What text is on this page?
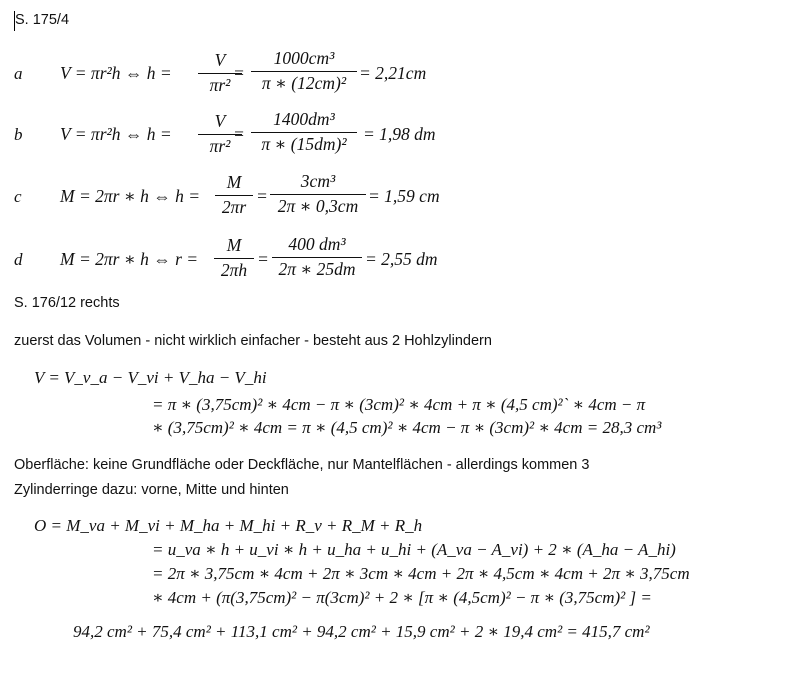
S. 175/4
a V = πr²h ⇔ $h = \frac{V}{\text{πr²}}$
= $\frac{\text{1000cm³}}{\text{π ∗ (12cm)²}} = 2,21cm$
b V = πr²h ⇔ $h = \frac{V}{\text{πr²}}$
= $\frac{\text{1400dm³}}{\text{π ∗ (15dm)²}} = 1,98$ dm
c M = 2πr ∗ h ⇔ $h = \frac{M}{2\pi r} = \frac{\text{3cm³}}{2\pi ∗ 0,3cm} = 1,59$ cm
d M = 2πr ∗ h ⇔ $r = \frac{M}{2\pi h} = \frac{\text{400 dm³}}{2\pi ∗ 25dm} = 2,55$ dm
S. 176/12 rechts
zuerst das Volumen - nicht wirklich einfacher - besteht aus 2 Hohlzylindern
V = V_v_a − V_vi + V_ha − V_hi
= π ∗ (3,75cm)² ∗ 4cm − π ∗ (3cm)² ∗ 4cm + π ∗ (4,5 cm)²` ∗ 4cm − π
∗ (3,75cm)² ∗ 4cm = π ∗ (4,5 cm)² ∗ 4cm − π ∗ (3cm)² ∗ 4cm = 28,3 cm³
Oberfläche: keine Grundfläche oder Deckfläche, nur Mantelflächen - allerdings kommen 3
Zylinderringe dazu: vorne, Mitte und hinten
O = M_va + M_vi + M_ha + M_hi + R_v + R_M + R_h
= u_va ∗ h + u_vi ∗ h + u_ha + u_hi + (A_va − A_vi) + 2 ∗ (A_ha − A_hi)
= 2π ∗ 3,75cm ∗ 4cm + 2π ∗ 3cm ∗ 4cm + 2π ∗ 4,5cm ∗ 4cm + 2π ∗ 3,75cm
∗ 4cm + (π(3,75cm)² − π(3cm)² + 2 ∗ [π ∗ (4,5cm)² − π ∗ (3,75cm)² ] =
94,2 cm² + 75,4 cm² + 113,1 cm² + 94,2 cm² + 15,9 cm² + 2 ∗ 19,4 cm² = 415,7 cm²
